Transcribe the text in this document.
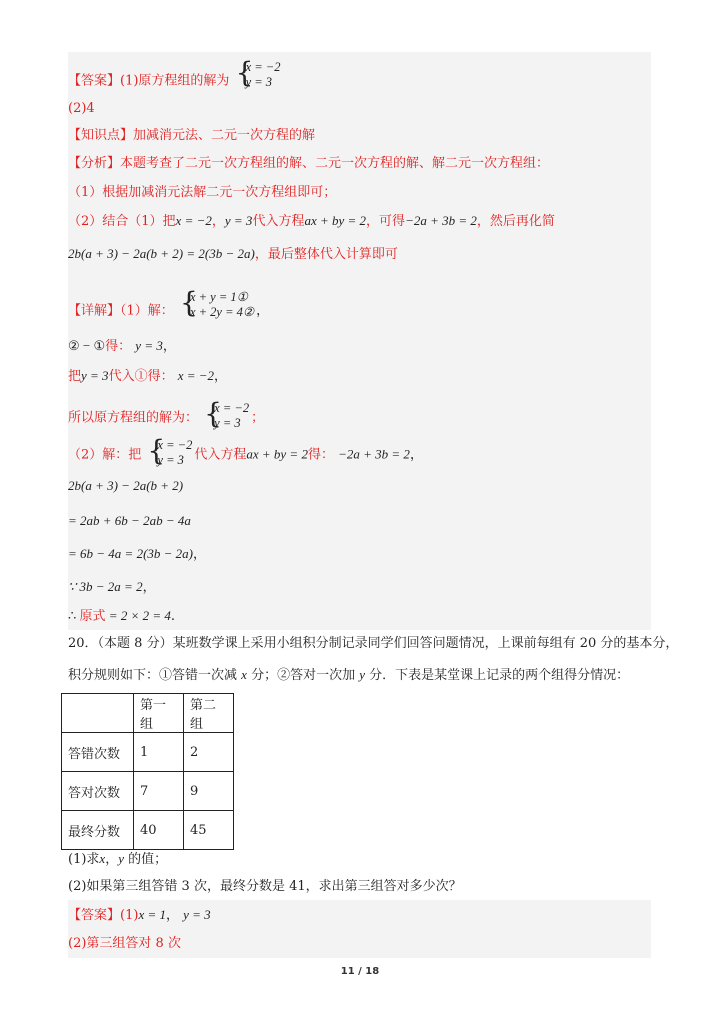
【答案】(1)原方程组的解为 {
x = −2
y = 3
(2)4
【知识点】加减消元法、二元一次方程的解
【分析】本题考查了二元一次方程组的解、二元一次方程的解、解二元一次方程组：
（1）根据加减消元法解二元一次方程组即可；
（2）结合（1）把x = −2，y = 3代入方程ax + by = 2，可得−2a + 3b = 2，然后再化简
2b(a + 3) − 2a(b + 2) = 2(3b − 2a)，最后整体代入计算即可
【详解】（1）解： {
x + y = 1①
x + 2y = 4② ，
② − ①得： y = 3，
把y = 3代入①得： x = −2，
所以原方程组的解为： {
x = −2
y = 3 ；
（2）解：把 {
x = −2
y = 3 代入方程ax + by = 2得： −2a + 3b = 2，
2b(a + 3) − 2a(b + 2)
= 2ab + 6b − 2ab − 4a
= 6b − 4a = 2(3b − 2a)，
∵ 3b − 2a = 2，
∴ 原式 = 2 × 2 = 4.
20．（本题 8 分）某班数学课上采用小组积分制记录同学们回答问题情况，上课前每组有 20 分的基本分，
积分规则如下：①答错一次减 x 分；②答对一次加 y 分．下表是某堂课上记录的两个组得分情况：
	第一组	第二组
答错次数	1	2
答对次数	7	9
最终分数	40	45
(1)求x，y 的值；
(2)如果第三组答错 3 次，最终分数是 41，求出第三组答对多少次？
【答案】(1)x = 1， y = 3
(2)第三组答对 8 次
11 / 18
